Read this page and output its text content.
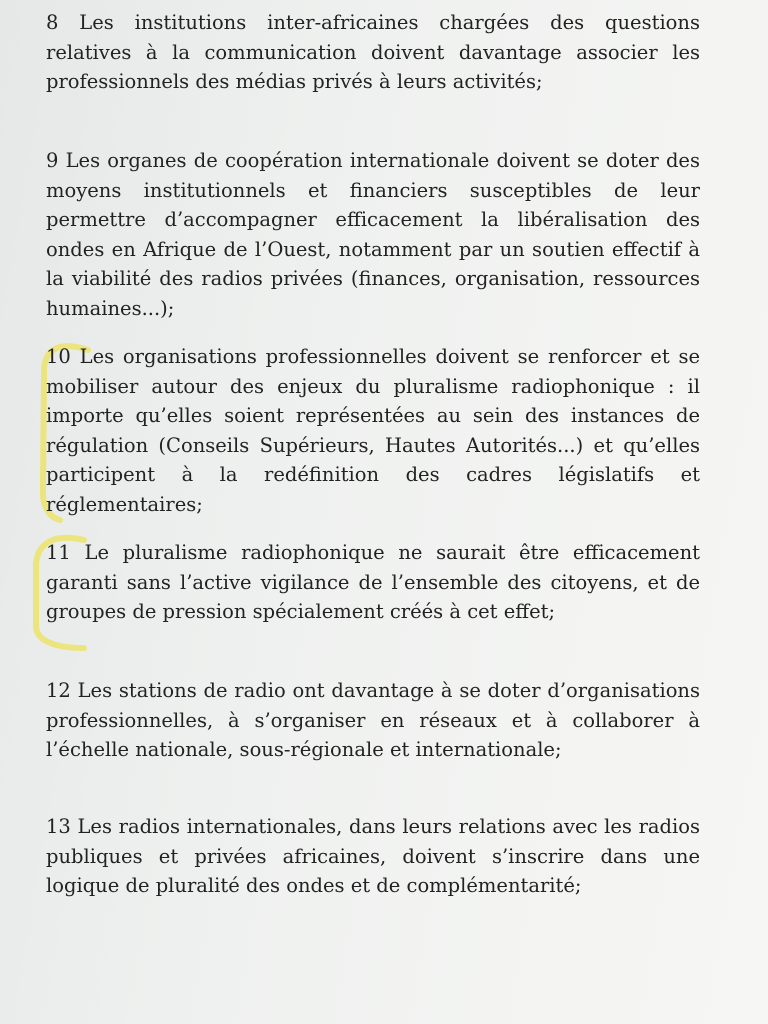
8 Les institutions inter-africaines chargées des questions relatives à la communication doivent davantage associer les professionnels des médias privés à leurs activités;

9 Les organes de coopération internationale doivent se doter des moyens institutionnels et financiers susceptibles de leur permettre d’accompagner efficacement la libéralisation des ondes en Afrique de l’Ouest, notamment par un soutien effectif à la viabilité des radios privées (finances, organisation, ressources humaines...);

10 Les organisations professionnelles doivent se renforcer et se mobiliser autour des enjeux du pluralisme radiophonique : il importe qu’elles soient représentées au sein des instances de régulation (Conseils Supérieurs, Hautes Autorités...) et qu’elles participent à la redéfinition des cadres législatifs et réglementaires;

11 Le pluralisme radiophonique ne saurait être efficacement garanti sans l’active vigilance de l’ensemble des citoyens, et de groupes de pression spécialement créés à cet effet;

12 Les stations de radio ont davantage à se doter d’organisations professionnelles, à s’organiser en réseaux et à collaborer à l’échelle nationale, sous-régionale et internationale;

13 Les radios internationales, dans leurs relations avec les radios publiques et privées africaines, doivent s’inscrire dans une logique de pluralité des ondes et de complémentarité;
